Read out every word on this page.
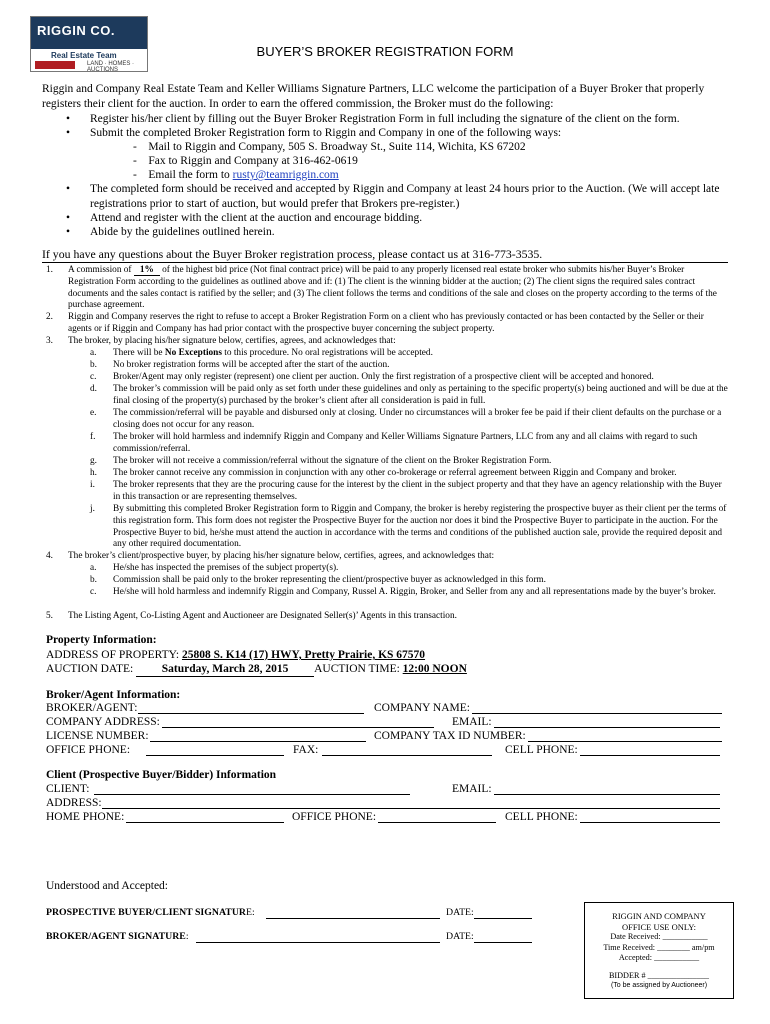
RIGGIN CO.
Real Estate Team
LAND · HOMES · AUCTIONS
BUYER’S BROKER REGISTRATION FORM
Riggin and Company Real Estate Team and Keller Williams Signature Partners, LLC welcome the participation of a Buyer Broker that properly registers their client for the auction. In order to earn the offered commission, the Broker must do the following:
• Register his/her client by filling out the Buyer Broker Registration Form in full including the signature of the client on the form.
• Submit the completed Broker Registration form to Riggin and Company in one of the following ways:
-    Mail to Riggin and Company, 505 S. Broadway St., Suite 114, Wichita, KS 67202
-    Fax to Riggin and Company at 316-462-0619
-    Email the form to rusty@teamriggin.com
• The completed form should be received and accepted by Riggin and Company at least 24 hours prior to the Auction. (We will accept late registrations prior to start of auction, but would prefer that Brokers pre-register.)
• Attend and register with the client at the auction and encourage bidding.
• Abide by the guidelines outlined herein.
If you have any questions about the Buyer Broker registration process, please contact us at 316-773-3535.
1. A commission of 1% of the highest bid price (Not final contract price) will be paid to any properly licensed real estate broker who submits his/her Buyer’s Broker Registration Form according to the guidelines as outlined above and if: (1) The client is the winning bidder at the auction; (2) The client signs the required sales contract documents and the sales contact is ratified by the seller; and (3) The client follows the terms and conditions of the sale and closes on the property according to the terms of the purchase agreement.
2. Riggin and Company reserves the right to refuse to accept a Broker Registration Form on a client who has previously contacted or has been contacted by the Seller or their agents or if Riggin and Company has had prior contact with the prospective buyer concerning the subject property.
3. The broker, by placing his/her signature below, certifies, agrees, and acknowledges that:
a. There will be No Exceptions to this procedure. No oral registrations will be accepted.
b. No broker registration forms will be accepted after the start of the auction.
c. Broker/Agent may only register (represent) one client per auction. Only the first registration of a prospective client will be accepted and honored.
d. The broker’s commission will be paid only as set forth under these guidelines and only as pertaining to the specific property(s) being auctioned and will be due at the final closing of the property(s) purchased by the broker’s client after all consideration is paid in full.
e. The commission/referral will be payable and disbursed only at closing. Under no circumstances will a broker fee be paid if their client defaults on the purchase or a closing does not occur for any reason.
f. The broker will hold harmless and indemnify Riggin and Company and Keller Williams Signature Partners, LLC from any and all claims with regard to such commission/referral.
g. The broker will not receive a commission/referral without the signature of the client on the Broker Registration Form.
h. The broker cannot receive any commission in conjunction with any other co-brokerage or referral agreement between Riggin and Company and broker.
i. The broker represents that they are the procuring cause for the interest by the client in the subject property and that they have an agency relationship with the Buyer in this transaction or are representing themselves.
j. By submitting this completed Broker Registration form to Riggin and Company, the broker is hereby registering the prospective buyer as their client per the terms of this registration form. This form does not register the Prospective Buyer for the auction nor does it bind the Prospective Buyer to participate in the auction. For the Prospective Buyer to bid, he/she must attend the auction in accordance with the terms and conditions of the published auction sale, provide the required deposit and any other required documentation.
4. The broker’s client/prospective buyer, by placing his/her signature below, certifies, agrees, and acknowledges that:
a. He/she has inspected the premises of the subject property(s).
b. Commission shall be paid only to the broker representing the client/prospective buyer as acknowledged in this form.
c. He/she will hold harmless and indemnify Riggin and Company, Russel A. Riggin, Broker, and Seller from any and all representations made by the buyer’s broker.
5. The Listing Agent, Co-Listing Agent and Auctioneer are Designated Seller(s)’ Agents in this transaction.
Property Information:
ADDRESS OF PROPERTY: 25808 S. K14 (17) HWY, Pretty Prairie, KS 67570
AUCTION DATE: Saturday, March 28, 2015 AUCTION TIME: 12:00 NOON
Broker/Agent Information:
BROKER/AGENT:	COMPANY NAME:
COMPANY ADDRESS:	EMAIL:
LICENSE NUMBER:	COMPANY TAX ID NUMBER:
OFFICE PHONE:	FAX:	CELL PHONE:
Client (Prospective Buyer/Bidder) Information
CLIENT:	EMAIL:
ADDRESS:
HOME PHONE:	OFFICE PHONE:	CELL PHONE:
Understood and Accepted:
PROSPECTIVE BUYER/CLIENT SIGNATURE:	DATE:
BROKER/AGENT SIGNATURE:	DATE:
RIGGIN AND COMPANY
OFFICE USE ONLY:
Date Received: ___________
Time Received: ________ am/pm
Accepted: ___________
BIDDER # _______________
(To be assigned by Auctioneer)
